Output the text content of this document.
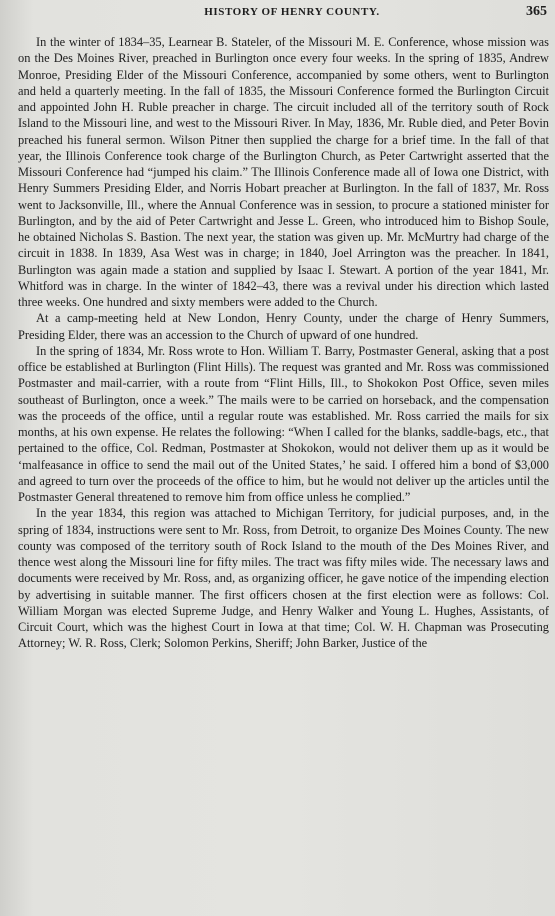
HISTORY OF HENRY COUNTY.	365

In the winter of 1834–35, Learnear B. Stateler, of the Missouri M. E. Conference, whose mission was on the Des Moines River, preached in Burlington once every four weeks. In the spring of 1835, Andrew Monroe, Presiding Elder of the Missouri Conference, accompanied by some others, went to Burlington and held a quarterly meeting. In the fall of 1835, the Missouri Conference formed the Burlington Circuit and appointed John H. Ruble preacher in charge. The circuit included all of the territory south of Rock Island to the Missouri line, and west to the Missouri River. In May, 1836, Mr. Ruble died, and Peter Bovin preached his funeral sermon. Wilson Pitner then supplied the charge for a brief time. In the fall of that year, the Illinois Conference took charge of the Burlington Church, as Peter Cartwright asserted that the Missouri Conference had “jumped his claim.” The Illinois Conference made all of Iowa one District, with Henry Summers Presiding Elder, and Norris Hobart preacher at Burlington. In the fall of 1837, Mr. Ross went to Jacksonville, Ill., where the Annual Conference was in session, to procure a stationed minister for Burlington, and by the aid of Peter Cartwright and Jesse L. Green, who introduced him to Bishop Soule, he obtained Nicholas S. Bastion. The next year, the station was given up. Mr. McMurtry had charge of the circuit in 1838. In 1839, Asa West was in charge; in 1840, Joel Arrington was the preacher. In 1841, Burlington was again made a station and supplied by Isaac I. Stewart. A portion of the year 1841, Mr. Whitford was in charge. In the winter of 1842–43, there was a revival under his direction which lasted three weeks. One hundred and sixty members were added to the Church.

At a camp-meeting held at New London, Henry County, under the charge of Henry Summers, Presiding Elder, there was an accession to the Church of upward of one hundred.

In the spring of 1834, Mr. Ross wrote to Hon. William T. Barry, Postmaster General, asking that a post office be established at Burlington (Flint Hills). The request was granted and Mr. Ross was commissioned Postmaster and mail-carrier, with a route from “Flint Hills, Ill., to Shokokon Post Office, seven miles southeast of Burlington, once a week.” The mails were to be carried on horseback, and the compensation was the proceeds of the office, until a regular route was established. Mr. Ross carried the mails for six months, at his own expense. He relates the following: “When I called for the blanks, saddle-bags, etc., that pertained to the office, Col. Redman, Postmaster at Shokokon, would not deliver them up as it would be ‘malfeasance in office to send the mail out of the United States,’ he said. I offered him a bond of $3,000 and agreed to turn over the proceeds of the office to him, but he would not deliver up the articles until the Postmaster General threatened to remove him from office unless he complied.”

In the year 1834, this region was attached to Michigan Territory, for judicial purposes, and, in the spring of 1834, instructions were sent to Mr. Ross, from Detroit, to organize Des Moines County. The new county was composed of the territory south of Rock Island to the mouth of the Des Moines River, and thence west along the Missouri line for fifty miles. The tract was fifty miles wide. The necessary laws and documents were received by Mr. Ross, and, as organizing officer, he gave notice of the impending election by advertising in suitable manner. The first officers chosen at the first election were as follows: Col. William Morgan was elected Supreme Judge, and Henry Walker and Young L. Hughes, Assistants, of Circuit Court, which was the highest Court in Iowa at that time; Col. W. H. Chapman was Prosecuting Attorney; W. R. Ross, Clerk; Solomon Perkins, Sheriff; John Barker, Justice of the
